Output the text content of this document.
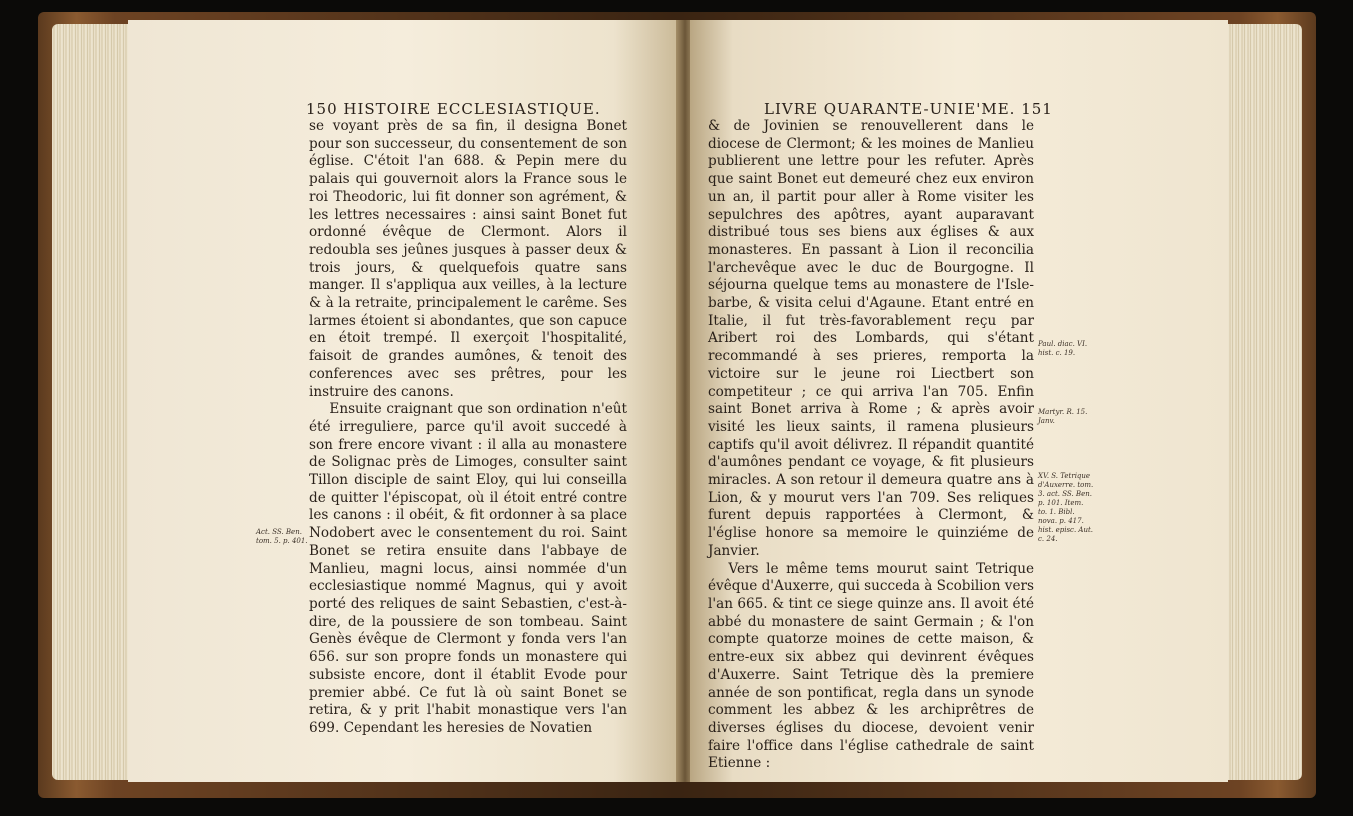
150 HISTOIRE ECCLESIASTIQUE.

se voyant près de sa fin, il designa Bonet pour son successeur, du consentement de son église. C'étoit l'an 688. & Pepin mere du palais qui gouvernoit alors la France sous le roi Theodoric, lui fit donner son agrément, & les lettres necessaires : ainsi saint Bonet fut ordonné évêque de Clermont. Alors il redoubla ses jeûnes jusques à passer deux & trois jours, & quelquefois quatre sans manger. Il s'appliqua aux veilles, à la lecture & à la retraite, principalement le carême. Ses larmes étoient si abondantes, que son capuce en étoit trempé. Il exerçoit l'hospitalité, faisoit de grandes aumônes, & tenoit des conferences avec ses prêtres, pour les instruire des canons.

Ensuite craignant que son ordination n'eût été irreguliere, parce qu'il avoit succedé à son frere encore vivant : il alla au monastere de Solignac près de Limoges, consulter saint Tillon disciple de saint Eloy, qui lui conseilla de quitter l'épiscopat, où il étoit entré contre les canons : il obéit, & fit ordonner à sa place Nodobert avec le consentement du roi. Saint Bonet se retira ensuite dans l'abbaye de Manlieu, magni locus, ainsi nommée d'un ecclesiastique nommé Magnus, qui y avoit porté des reliques de saint Sebastien, c'est-à-dire, de la poussiere de son tombeau. Saint Genès évêque de Clermont y fonda vers l'an 656. sur son propre fonds un monastere qui subsiste encore, dont il établit Evode pour premier abbé. Ce fut là où saint Bonet se retira, & y prit l'habit monastique vers l'an 699. Cependant les heresies de Novatien

Act. SS. Ben. tom. 5. p. 401.
LIVRE QUARANTE-UNIE'ME. 151

& de Jovinien se renouvellerent dans le diocese de Clermont; & les moines de Manlieu publierent une lettre pour les refuter. Après que saint Bonet eut demeuré chez eux environ un an, il partit pour aller à Rome visiter les sepulchres des apôtres, ayant auparavant distribué tous ses biens aux églises & aux monasteres. En passant à Lion il reconcilia l'archevêque avec le duc de Bourgogne. Il séjourna quelque tems au monastere de l'Isle-barbe, & visita celui d'Agaune. Etant entré en Italie, il fut très-favorablement reçu par Aribert roi des Lombards, qui s'étant recommandé à ses prieres, remporta la victoire sur le jeune roi Liectbert son competiteur ; ce qui arriva l'an 705. Enfin saint Bonet arriva à Rome ; & après avoir visité les lieux saints, il ramena plusieurs captifs qu'il avoit délivrez. Il répandit quantité d'aumônes pendant ce voyage, & fit plusieurs miracles. A son retour il demeura quatre ans à Lion, & y mourut vers l'an 709. Ses reliques furent depuis rapportées à Clermont, & l'église honore sa memoire le quinziéme de Janvier.

Vers le même tems mourut saint Tetrique évêque d'Auxerre, qui succeda à Scobilion vers l'an 665. & tint ce siege quinze ans. Il avoit été abbé du monastere de saint Germain ; & l'on compte quatorze moines de cette maison, & entre-eux six abbez qui devinrent évêques d'Auxerre. Saint Tetrique dès la premiere année de son pontificat, regla dans un synode comment les abbez & les archiprêtres de diverses églises du diocese, devoient venir faire l'office dans l'église cathedrale de saint Etienne :

Paul. diac. VI. hist. c. 19.
Martyr. R. 15. Janv.
XV. S. Tetrique d'Auxerre. tom. 3. act. SS. Ben. p. 101. Item. to. 1. Bibl. nova. p. 417. hist. episc. Aut. c. 24.
